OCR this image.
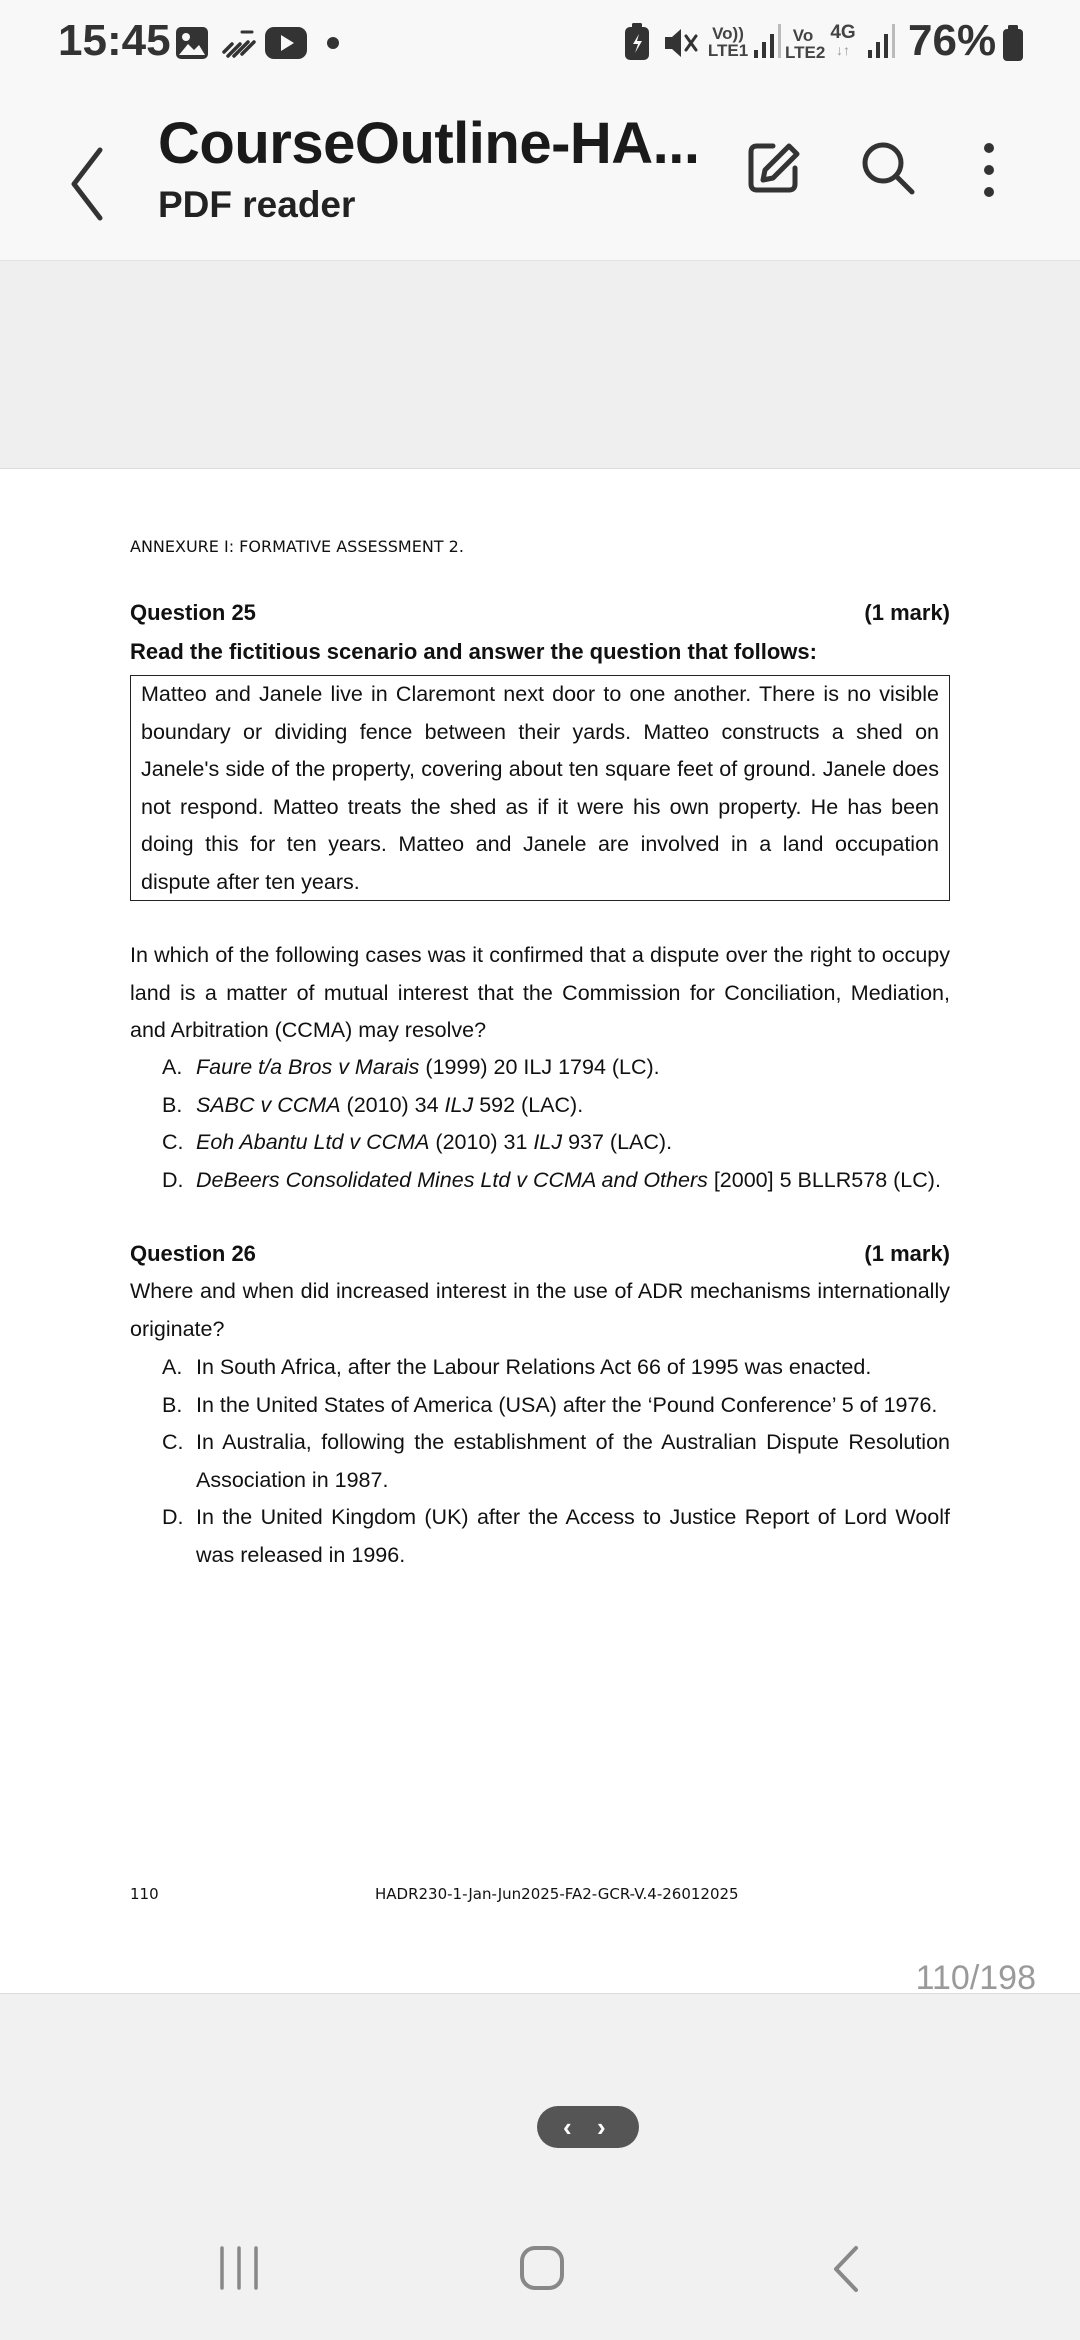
15:45	Vo))
LTE1
Vo
LTE2
4G
↓↑ 76%
CourseOutline-HA...
PDF reader
ANNEXURE I: FORMATIVE ASSESSMENT 2.
Question 25	(1 mark)
Read the fictitious scenario and answer the question that follows:
Matteo and Janele live in Claremont next door to one another. There is no visible boundary or dividing fence between their yards. Matteo constructs a shed on Janele's side of the property, covering about ten square feet of ground. Janele does not respond. Matteo treats the shed as if it were his own property. He has been doing this for ten years. Matteo and Janele are involved in a land occupation dispute after ten years.
In which of the following cases was it confirmed that a dispute over the right to occupy land is a matter of mutual interest that the Commission for Conciliation, Mediation, and Arbitration (CCMA) may resolve?
A. Faure t/a Bros v Marais (1999) 20 ILJ 1794 (LC).
B. SABC v CCMA (2010) 34 ILJ 592 (LAC).
C. Eoh Abantu Ltd v CCMA (2010) 31 ILJ 937 (LAC).
D. DeBeers Consolidated Mines Ltd v CCMA and Others [2000] 5 BLLR578 (LC).
Question 26	(1 mark)
Where and when did increased interest in the use of ADR mechanisms internationally originate?
A. In South Africa, after the Labour Relations Act 66 of 1995 was enacted.
B. In the United States of America (USA) after the ‘Pound Conference’ 5 of 1976.
C. In Australia, following the establishment of the Australian Dispute Resolution Association in 1987.
D. In the United Kingdom (UK) after the Access to Justice Report of Lord Woolf was released in 1996.
110	HADR230-1-Jan-Jun2025-FA2-GCR-V.4-26012025
110/198
‹ ›
